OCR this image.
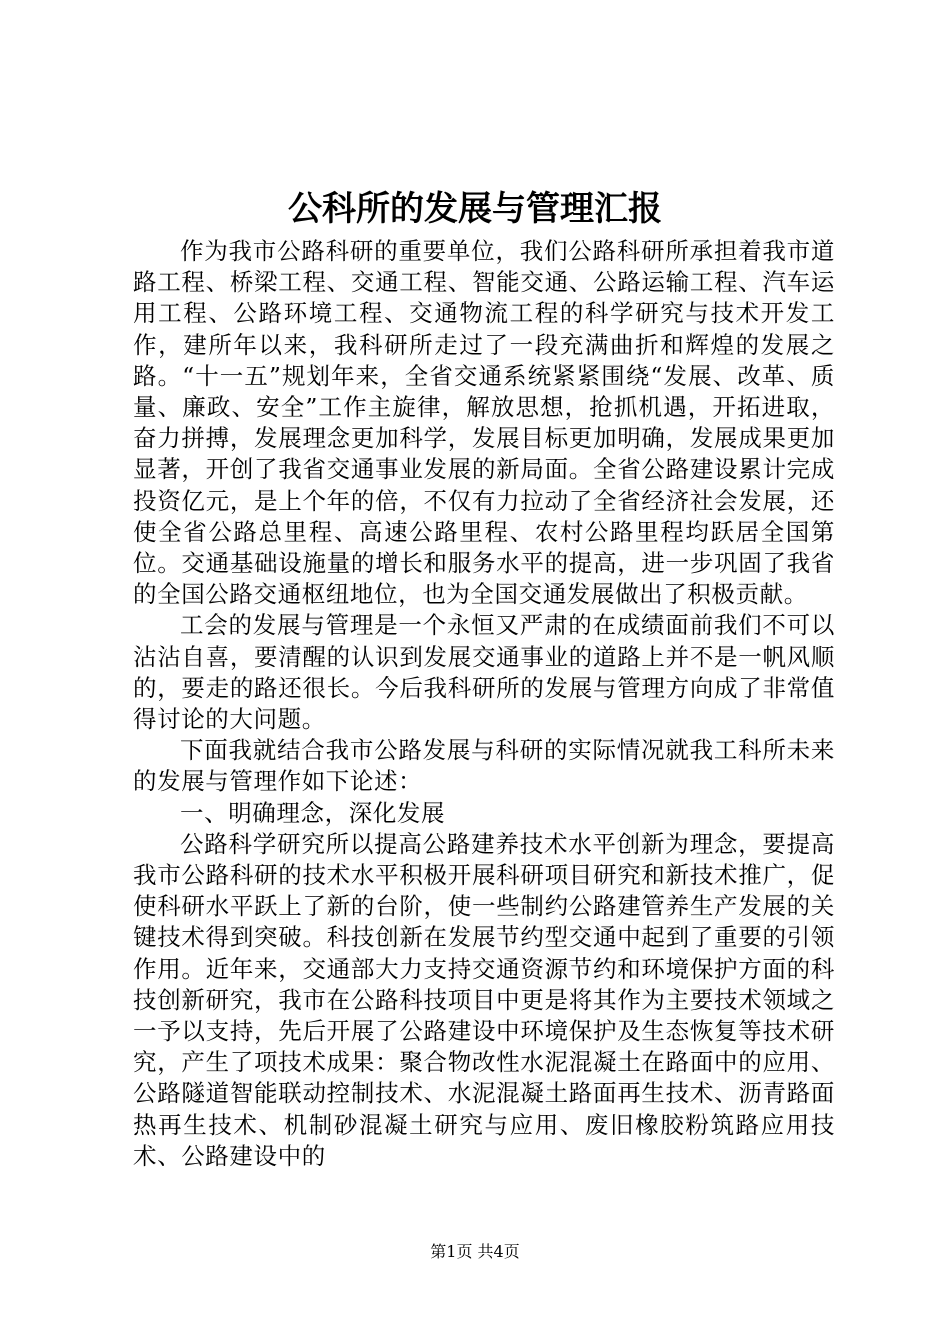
公科所的发展与管理汇报

作为我市公路科研的重要单位，我们公路科研所承担着我市道路工程、桥梁工程、交通工程、智能交通、公路运输工程、汽车运用工程、公路环境工程、交通物流工程的科学研究与技术开发工作，建所年以来，我科研所走过了一段充满曲折和辉煌的发展之路。“十一五”规划年来，全省交通系统紧紧围绕“发展、改革、质量、廉政、安全”工作主旋律，解放思想，抢抓机遇，开拓进取，奋力拼搏，发展理念更加科学，发展目标更加明确，发展成果更加显著，开创了我省交通事业发展的新局面。全省公路建设累计完成投资亿元，是上个年的倍，不仅有力拉动了全省经济社会发展，还使全省公路总里程、高速公路里程、农村公路里程均跃居全国第位。交通基础设施量的增长和服务水平的提高，进一步巩固了我省的全国公路交通枢纽地位，也为全国交通发展做出了积极贡献。

工会的发展与管理是一个永恒又严肃的在成绩面前我们不可以沾沾自喜，要清醒的认识到发展交通事业的道路上并不是一帆风顺的，要走的路还很长。今后我科研所的发展与管理方向成了非常值得讨论的大问题。

下面我就结合我市公路发展与科研的实际情况就我工科所未来的发展与管理作如下论述：

一、明确理念，深化发展

公路科学研究所以提高公路建养技术水平创新为理念，要提高我市公路科研的技术水平积极开展科研项目研究和新技术推广，促使科研水平跃上了新的台阶，使一些制约公路建管养生产发展的关键技术得到突破。科技创新在发展节约型交通中起到了重要的引领作用。近年来，交通部大力支持交通资源节约和环境保护方面的科技创新研究，我市在公路科技项目中更是将其作为主要技术领域之一予以支持，先后开展了公路建设中环境保护及生态恢复等技术研究，产生了项技术成果：聚合物改性水泥混凝土在路面中的应用、公路隧道智能联动控制技术、水泥混凝土路面再生技术、沥青路面热再生技术、机制砂混凝土研究与应用、废旧橡胶粉筑路应用技术、公路建设中的

第1页 共4页
